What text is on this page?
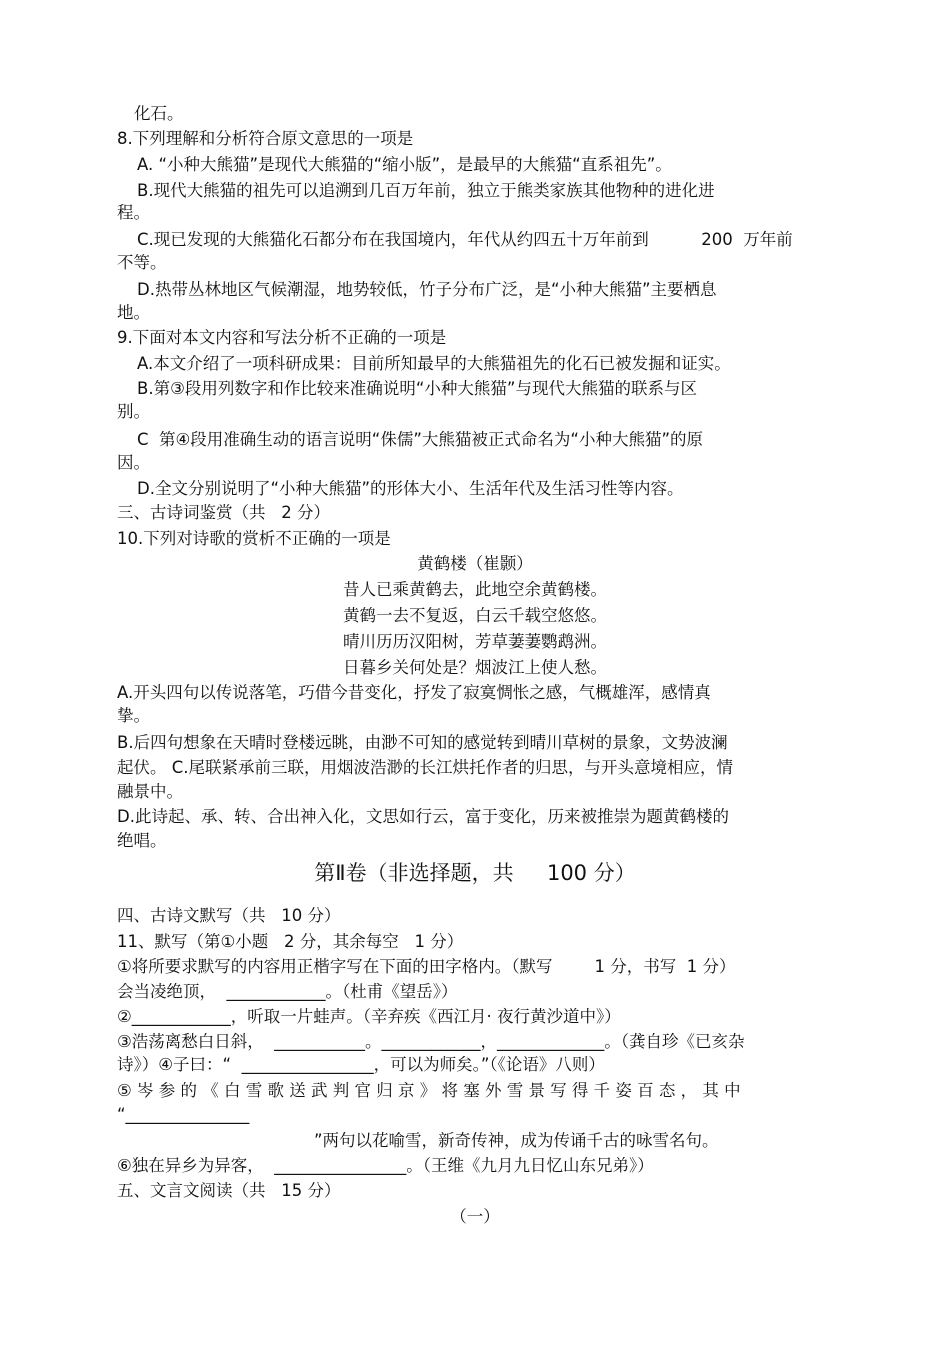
化石。
8.下列理解和分析符合原文意思的一项是
A. “小种大熊猫”是现代大熊猫的“缩小版”，是最早的大熊猫“直系祖先”。
B.现代大熊猫的祖先可以追溯到几百万年前，独立于熊类家族其他物种的进化进
程。
C.现已发现的大熊猫化石都分布在我国境内，年代从约四五十万年前到          200  万年前
不等。
D.热带丛林地区气候潮湿，地势较低，竹子分布广泛，是“小种大熊猫”主要栖息
地。
9.下面对本文内容和写法分析不正确的一项是
A.本文介绍了一项科研成果：目前所知最早的大熊猫祖先的化石已被发掘和证实。
B.第③段用列数字和作比较来准确说明“小种大熊猫”与现代大熊猫的联系与区
别。
C  第④段用准确生动的语言说明“侏儒”大熊猫被正式命名为“小种大熊猫”的原
因。
D.全文分别说明了“小种大熊猫”的形体大小、生活年代及生活习性等内容。
三、古诗词鉴赏（共   2 分）
10.下列对诗歌的赏析不正确的一项是
黄鹤楼（崔颢）
昔人已乘黄鹤去，此地空余黄鹤楼。
黄鹤一去不复返，白云千载空悠悠。
晴川历历汉阳树，芳草萋萋鹦鹉洲。
日暮乡关何处是？烟波江上使人愁。
A.开头四句以传说落笔，巧借今昔变化，抒发了寂寞惆怅之感，气概雄浑，感情真
挚。
B.后四句想象在天晴时登楼远眺，由渺不可知的感觉转到晴川草树的景象，文势波澜
起伏。 C.尾联紧承前三联，用烟波浩渺的长江烘托作者的归思，与开头意境相应，情
融景中。
D.此诗起、承、转、合出神入化，文思如行云，富于变化，历来被推崇为题黄鹤楼的
绝唱。
第Ⅱ卷（非选择题，共     100 分）
四、古诗文默写（共   10 分）
11、默写（第①小题   2 分，其余每空   1 分）
①将所要求默写的内容用正楷字写在下面的田字格内。（默写        1 分，书写  1 分）
会当凌绝顶，  ____________。（杜甫《望岳》）
②____________，听取一片蛙声。（辛弃疾《西江月· 夜行黄沙道中》）
③浩荡离愁白日斜，  ___________。____________，_____________。（龚自珍《已亥杂
诗》）④子曰：“  ________________，可以为师矣。”（《论语》八则）
⑤ 岑 参 的 《 白 雪 歌 送 武 判 官 归 京 》 将 塞 外 雪 景 写 得 千 姿 百 态 ， 其 中
“_______________
”两句以花喻雪，新奇传神，成为传诵千古的咏雪名句。
⑥独在异乡为异客，  ________________。（王维《九月九日忆山东兄弟》）
五、文言文阅读（共   15 分）
（一）
